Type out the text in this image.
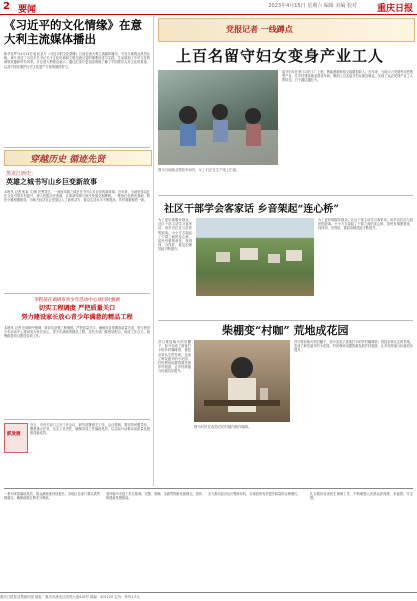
2 要闻	2023年4月15日 星期六 编辑 美编 校对 重庆日报
《习近平的文化情缘》在意大利主流媒体播出
新华社罗马4月14日电 纪录片《习近平的文化情缘》日前在意大利主流媒体播出，引发当地观众热烈反响。该片讲述了习近平总书记关于文化传承和文明交流互鉴的重要论述与实践，生动展现了中华文化的深厚底蕴和时代风采。多位意大利观众表示，通过纪录片更加直观地了解了中国领导人对文化的重视，以及中国在保护历史文化遗产方面所做的努力。
穿越历史 循迹先贤
黑龙江画史：
英雄之城书写山乡巨变新故事
本报讯 记者 张某 文/图 在黑龙江，一座座英雄之城正在书写山乡巨变的新故事。近年来，当地坚持以红色文化引领乡村振兴，深入挖掘历史资源，让革命传统与现代发展交相辉映。一批批红色教育基地、特色小镇相继建成，为地方经济社会发展注入了新的活力，群众生活水平不断提高，乡村面貌焕然一新。
李程前在调研市青少年活动中心项目时强调
切实工程调度 严把质量关口
努力建设家长放心青少年满意的精品工程
本报讯 记者 在调研中强调，要切实加强工程调度，严把质量关口，确保项目按期高质量完成，努力把青少年活动中心建设成为家长放心、青少年满意的精品工程。各有关部门要密切配合，形成工作合力，统筹推进项目建设各项工作。
抓发展
近日，市有关部门召开工作会议，研究部署相关工作。会议强调，要坚持问题导向，聚焦重点任务，压实工作责任，确保各项工作落地见效，以实际行动推动高质量发展取得新成效。
党报记者 一线蹲点
上百名留守妇女变身产业工人
图为当地就业帮扶车间内，女工们正在生产线上忙碌。
留守妇女在家门口的工厂上班，既能照顾家庭又能增加收入。近年来，当地大力发展劳动密集型产业，在乡村建设就业帮扶车间，吸纳上百名留守妇女就近就业，实现了从农民到产业工人的转变，日子越过越红火。
社区干部学会客家话 乡音架起“连心桥”
为了更好地服务群众，社区干部主动学习客家话，用乡音拉近与居民的距离。小小方言架起了干群之间的连心桥，居民有事愿意找、找得到、办得好，基层治理效能不断提升。
为了更好地服务群众，社区干部主动学习客家话，用乡音拉近与居民的距离。小小方言架起了干群之间的连心桥，居民有事愿意找、找得到、办得好，基层治理效能不断提升。
柴棚变“村咖” 荒地成花园
图为村民在改造后的村咖内制作咖啡。
昔日堆放柴火的旧棚子，如今变成了游客打卡的乡村咖啡馆；曾经杂草丛生的荒地，变成了鲜花盛开的小花园。村民利用闲置资源发展乡村旅游，让乡村颜值与价值同步提升。
昔日堆放柴火的旧棚子，如今变成了游客打卡的乡村咖啡馆；曾经杂草丛生的荒地，变成了鲜花盛开的小花园。村民利用闲置资源发展乡村旅游，让乡村颜值与价值同步提升。
一系列举措落地见效，群众满意度持续提升。各地区各部门要认真贯彻落实，确保政策红利充分释放。
坚持稳中求进工作总基调，完整、准确、全面贯彻新发展理念，加快构建新发展格局。
全力推动经济运行整体好转，实现质的有效提升和量的合理增长。	扎实做好各项民生保障工作，不断增强人民群众获得感、幸福感、安全感。
重庆日报报业集团出版 地址：重庆市渝北区同茂大道416号 邮编：401120 定价：每份1.5元
